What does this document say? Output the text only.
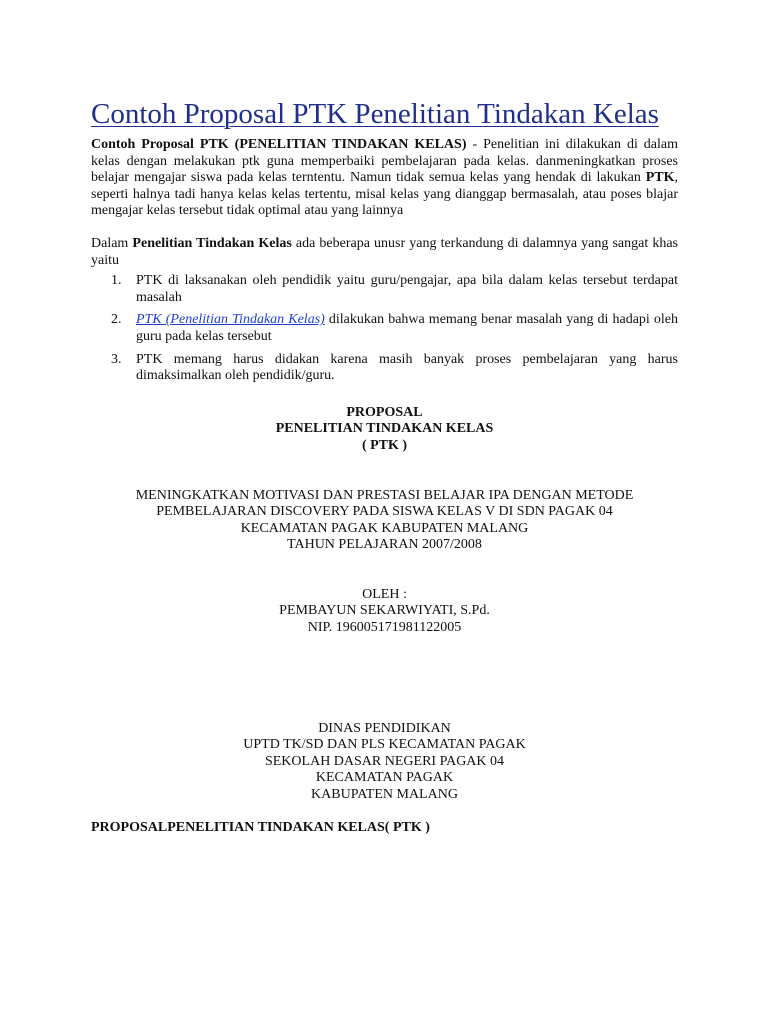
Contoh Proposal PTK Penelitian Tindakan Kelas

Contoh Proposal PTK (PENELITIAN TINDAKAN KELAS) - Penelitian ini dilakukan di dalam kelas dengan melakukan ptk guna memperbaiki pembelajaran pada kelas. danmeningkatkan proses belajar mengajar siswa pada kelas terntentu. Namun tidak semua kelas yang hendak di lakukan PTK, seperti halnya tadi hanya kelas kelas tertentu, misal kelas yang dianggap bermasalah, atau poses blajar mengajar kelas tersebut tidak optimal atau yang lainnya

Dalam Penelitian Tindakan Kelas ada beberapa unusr yang terkandung di dalamnya yang sangat khas yaitu

1. PTK di laksanakan oleh pendidik yaitu guru/pengajar, apa bila dalam kelas tersebut terdapat masalah
2. PTK (Penelitian Tindakan Kelas) dilakukan bahwa memang benar masalah yang di hadapi oleh guru pada kelas tersebut
3. PTK memang harus didakan karena masih banyak proses pembelajaran yang harus dimaksimalkan oleh pendidik/guru.
PROPOSAL
PENELITIAN TINDAKAN KELAS
( PTK )
MENINGKATKAN MOTIVASI DAN PRESTASI BELAJAR IPA DENGAN METODE
PEMBELAJARAN DISCOVERY PADA SISWA KELAS V DI SDN PAGAK 04
KECAMATAN PAGAK KABUPATEN MALANG
TAHUN PELAJARAN 2007/2008
OLEH :
PEMBAYUN SEKARWIYATI, S.Pd.
NIP. 196005171981122005
DINAS PENDIDIKAN
UPTD TK/SD DAN PLS KECAMATAN PAGAK
SEKOLAH DASAR NEGERI PAGAK 04
KECAMATAN PAGAK
KABUPATEN MALANG
PROPOSALPENELITIAN TINDAKAN KELAS( PTK )
